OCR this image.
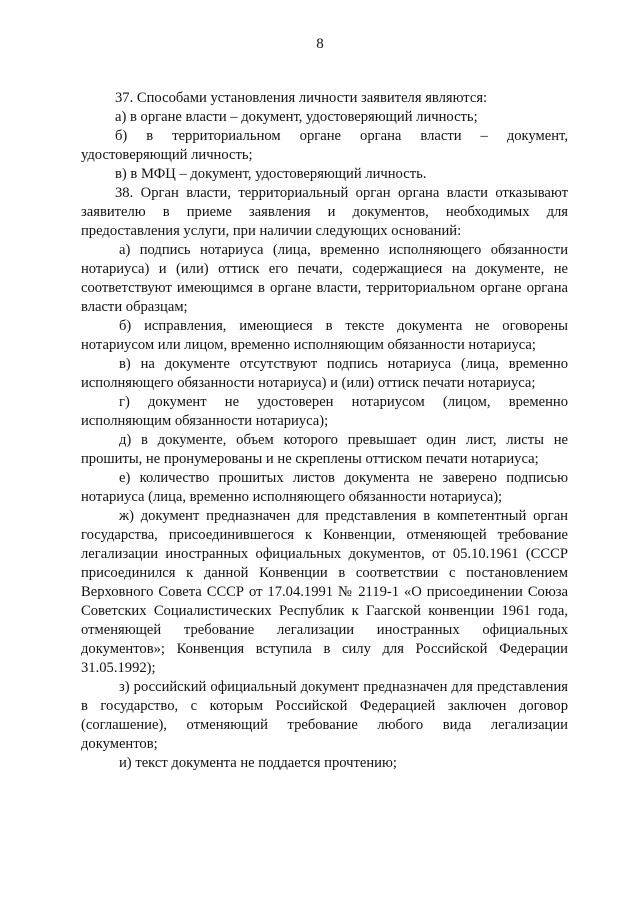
8

37. Способами установления личности заявителя являются:

а) в органе власти – документ, удостоверяющий личность;

б) в территориальном органе органа власти – документ, удостоверяющий личность;

в) в МФЦ – документ, удостоверяющий личность.

38. Орган власти, территориальный орган органа власти отказывают заявителю в приеме заявления и документов, необходимых для предоставления услуги, при наличии следующих оснований:

а) подпись нотариуса (лица, временно исполняющего обязанности нотариуса) и (или) оттиск его печати, содержащиеся на документе, не соответствуют имеющимся в органе власти, территориальном органе органа власти образцам;

б) исправления, имеющиеся в тексте документа не оговорены нотариусом или лицом, временно исполняющим обязанности нотариуса;

в) на документе отсутствуют подпись нотариуса (лица, временно исполняющего обязанности нотариуса) и (или) оттиск печати нотариуса;

г) документ не удостоверен нотариусом (лицом, временно исполняющим обязанности нотариуса);

д) в документе, объем которого превышает один лист, листы не прошиты, не пронумерованы и не скреплены оттиском печати нотариуса;

е) количество прошитых листов документа не заверено подписью нотариуса (лица, временно исполняющего обязанности нотариуса);

ж) документ предназначен для представления в компетентный орган государства, присоединившегося к Конвенции, отменяющей требование легализации иностранных официальных документов, от 05.10.1961 (СССР присоединился к данной Конвенции в соответствии с постановлением Верховного Совета СССР от 17.04.1991 № 2119-1 «О присоединении Союза Советских Социалистических Республик к Гаагской конвенции 1961 года, отменяющей требование легализации иностранных официальных документов»; Конвенция вступила в силу для Российской Федерации 31.05.1992);

з) российский официальный документ предназначен для представления в государство, с которым Российской Федерацией заключен договор (соглашение), отменяющий требование любого вида легализации документов;

и) текст документа не поддается прочтению;
